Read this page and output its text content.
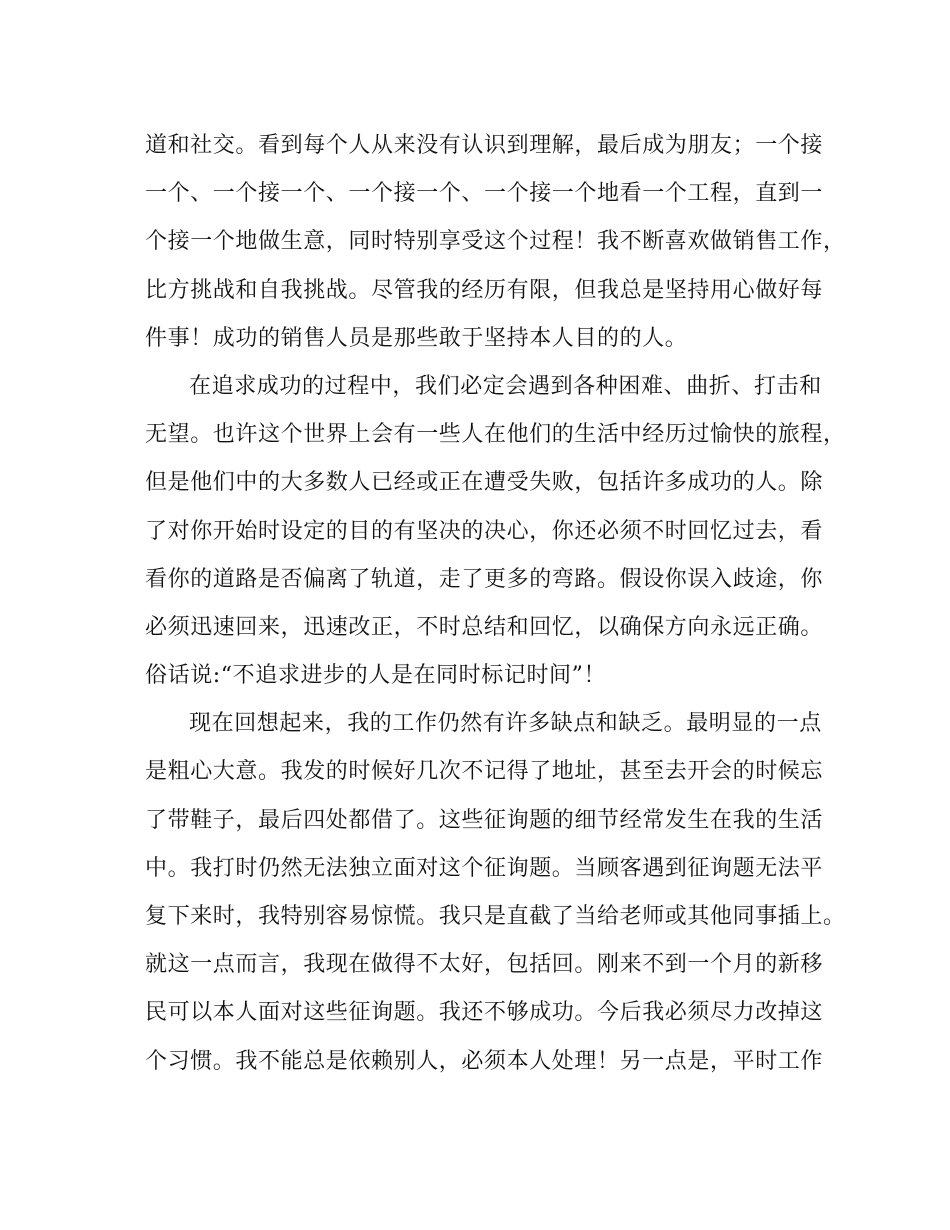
道和社交。看到每个人从来没有认识到理解，最后成为朋友；一个接
一个、一个接一个、一个接一个、一个接一个地看一个工程，直到一
个接一个地做生意，同时特别享受这个过程！我不断喜欢做销售工作，
比方挑战和自我挑战。尽管我的经历有限，但我总是坚持用心做好每
件事！成功的销售人员是那些敢于坚持本人目的的人。
在追求成功的过程中，我们必定会遇到各种困难、曲折、打击和
无望。也许这个世界上会有一些人在他们的生活中经历过愉快的旅程，
但是他们中的大多数人已经或正在遭受失败，包括许多成功的人。除
了对你开始时设定的目的有坚决的决心，你还必须不时回忆过去，看
看你的道路是否偏离了轨道，走了更多的弯路。假设你误入歧途，你
必须迅速回来，迅速改正，不时总结和回忆，以确保方向永远正确。
俗话说:“不追求进步的人是在同时标记时间”！
现在回想起来，我的工作仍然有许多缺点和缺乏。最明显的一点
是粗心大意。我发的时候好几次不记得了地址，甚至去开会的时候忘
了带鞋子，最后四处都借了。这些征询题的细节经常发生在我的生活
中。我打时仍然无法独立面对这个征询题。当顾客遇到征询题无法平
复下来时，我特别容易惊慌。我只是直截了当给老师或其他同事插上。
就这一点而言，我现在做得不太好，包括回。刚来不到一个月的新移
民可以本人面对这些征询题。我还不够成功。今后我必须尽力改掉这
个习惯。我不能总是依赖别人，必须本人处理！另一点是，平时工作
